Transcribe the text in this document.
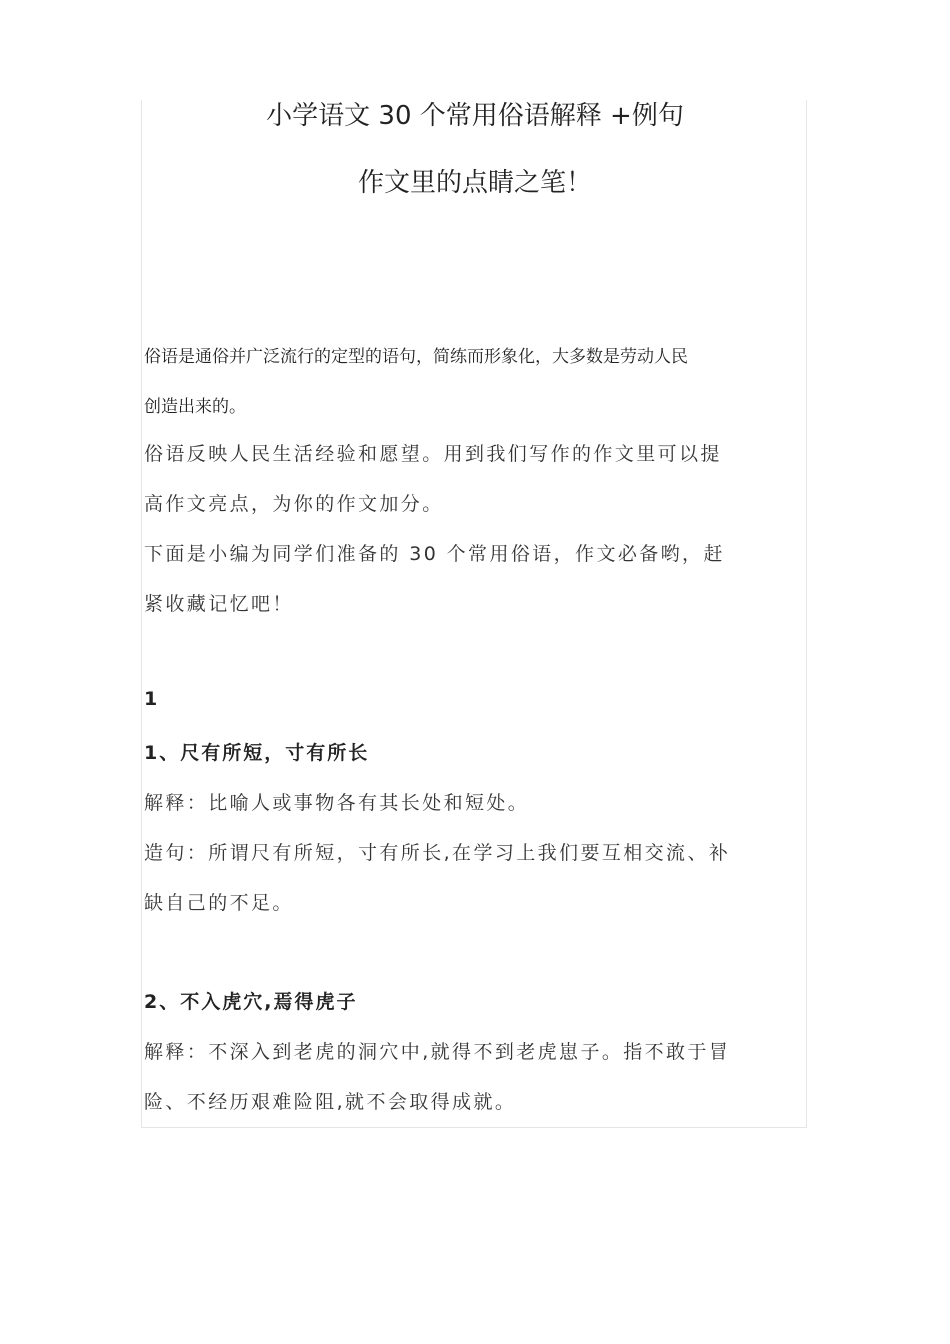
小学语文 30 个常用俗语解释 +例句
作文里的点睛之笔！
俗语是通俗并广泛流行的定型的语句，简练而形象化，大多数是劳动人民
创造出来的。
俗语反映人民生活经验和愿望。用到我们写作的作文里可以提
高作文亮点，为你的作文加分。
下面是小编为同学们准备的 30 个常用俗语，作文必备哟，赶
紧收藏记忆吧！
1
1、尺有所短，寸有所长
解释：比喻人或事物各有其长处和短处。
造句：所谓尺有所短，寸有所长,在学习上我们要互相交流、补
缺自己的不足。
2、不入虎穴,焉得虎子
解释：不深入到老虎的洞穴中,就得不到老虎崽子。指不敢于冒
险、不经历艰难险阻,就不会取得成就。
